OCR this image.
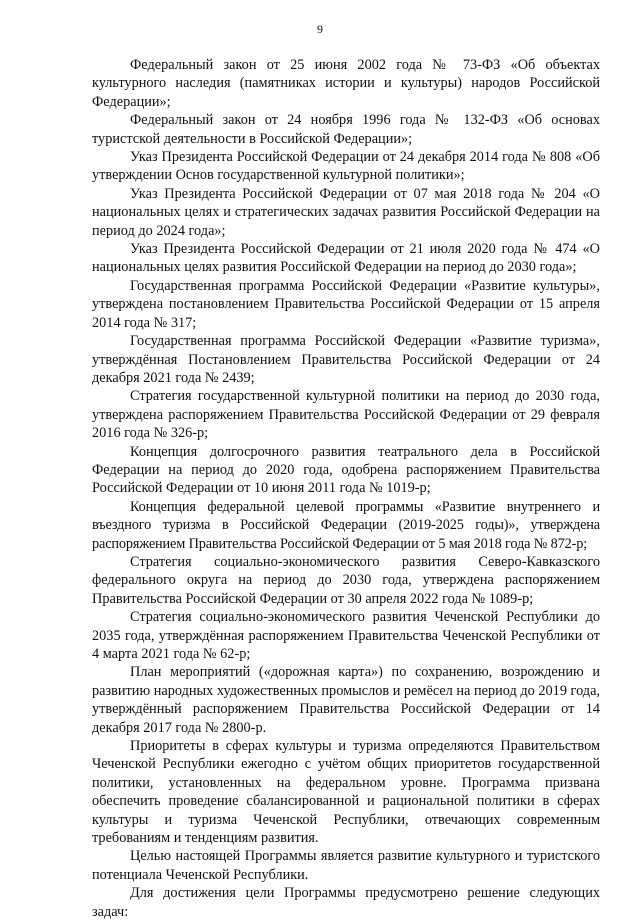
9

Федеральный закон от 25 июня 2002 года № 73-ФЗ «Об объектах культурного наследия (памятниках истории и культуры) народов Российской Федерации»;

Федеральный закон от 24 ноября 1996 года № 132-ФЗ «Об основах туристской деятельности в Российской Федерации»;

Указ Президента Российской Федерации от 24 декабря 2014 года № 808 «Об утверждении Основ государственной культурной политики»;

Указ Президента Российской Федерации от 07 мая 2018 года № 204 «О национальных целях и стратегических задачах развития Российской Федерации на период до 2024 года»;

Указ Президента Российской Федерации от 21 июля 2020 года № 474 «О национальных целях развития Российской Федерации на период до 2030 года»;

Государственная программа Российской Федерации «Развитие культуры», утверждена постановлением Правительства Российской Федерации от 15 апреля 2014 года № 317;

Государственная программа Российской Федерации «Развитие туризма», утверждённая Постановлением Правительства Российской Федерации от 24 декабря 2021 года № 2439;

Стратегия государственной культурной политики на период до 2030 года, утверждена распоряжением Правительства Российской Федерации от 29 февраля 2016 года № 326-р;

Концепция долгосрочного развития театрального дела в Российской Федерации на период до 2020 года, одобрена распоряжением Правительства Российской Федерации от 10 июня 2011 года № 1019-р;

Концепция федеральной целевой программы «Развитие внутреннего и въездного туризма в Российской Федерации (2019-2025 годы)», утверждена распоряжением Правительства Российской Федерации от 5 мая 2018 года № 872-р;

Стратегия социально-экономического развития Северо-Кавказского федерального округа на период до 2030 года, утверждена распоряжением Правительства Российской Федерации от 30 апреля 2022 года № 1089-р;

Стратегия социально-экономического развития Чеченской Республики до 2035 года, утверждённая распоряжением Правительства Чеченской Республики от 4 марта 2021 года № 62-р;

План мероприятий («дорожная карта») по сохранению, возрождению и развитию народных художественных промыслов и ремёсел на период до 2019 года, утверждённый распоряжением Правительства Российской Федерации от 14 декабря 2017 года № 2800-р.

Приоритеты в сферах культуры и туризма определяются Правительством Чеченской Республики ежегодно с учётом общих приоритетов государственной политики, установленных на федеральном уровне. Программа призвана обеспечить проведение сбалансированной и рациональной политики в сферах культуры и туризма Чеченской Республики, отвечающих современным требованиям и тенденциям развития.

Целью настоящей Программы является развитие культурного и туристского потенциала Чеченской Республики.

Для достижения цели Программы предусмотрено решение следующих задач:
